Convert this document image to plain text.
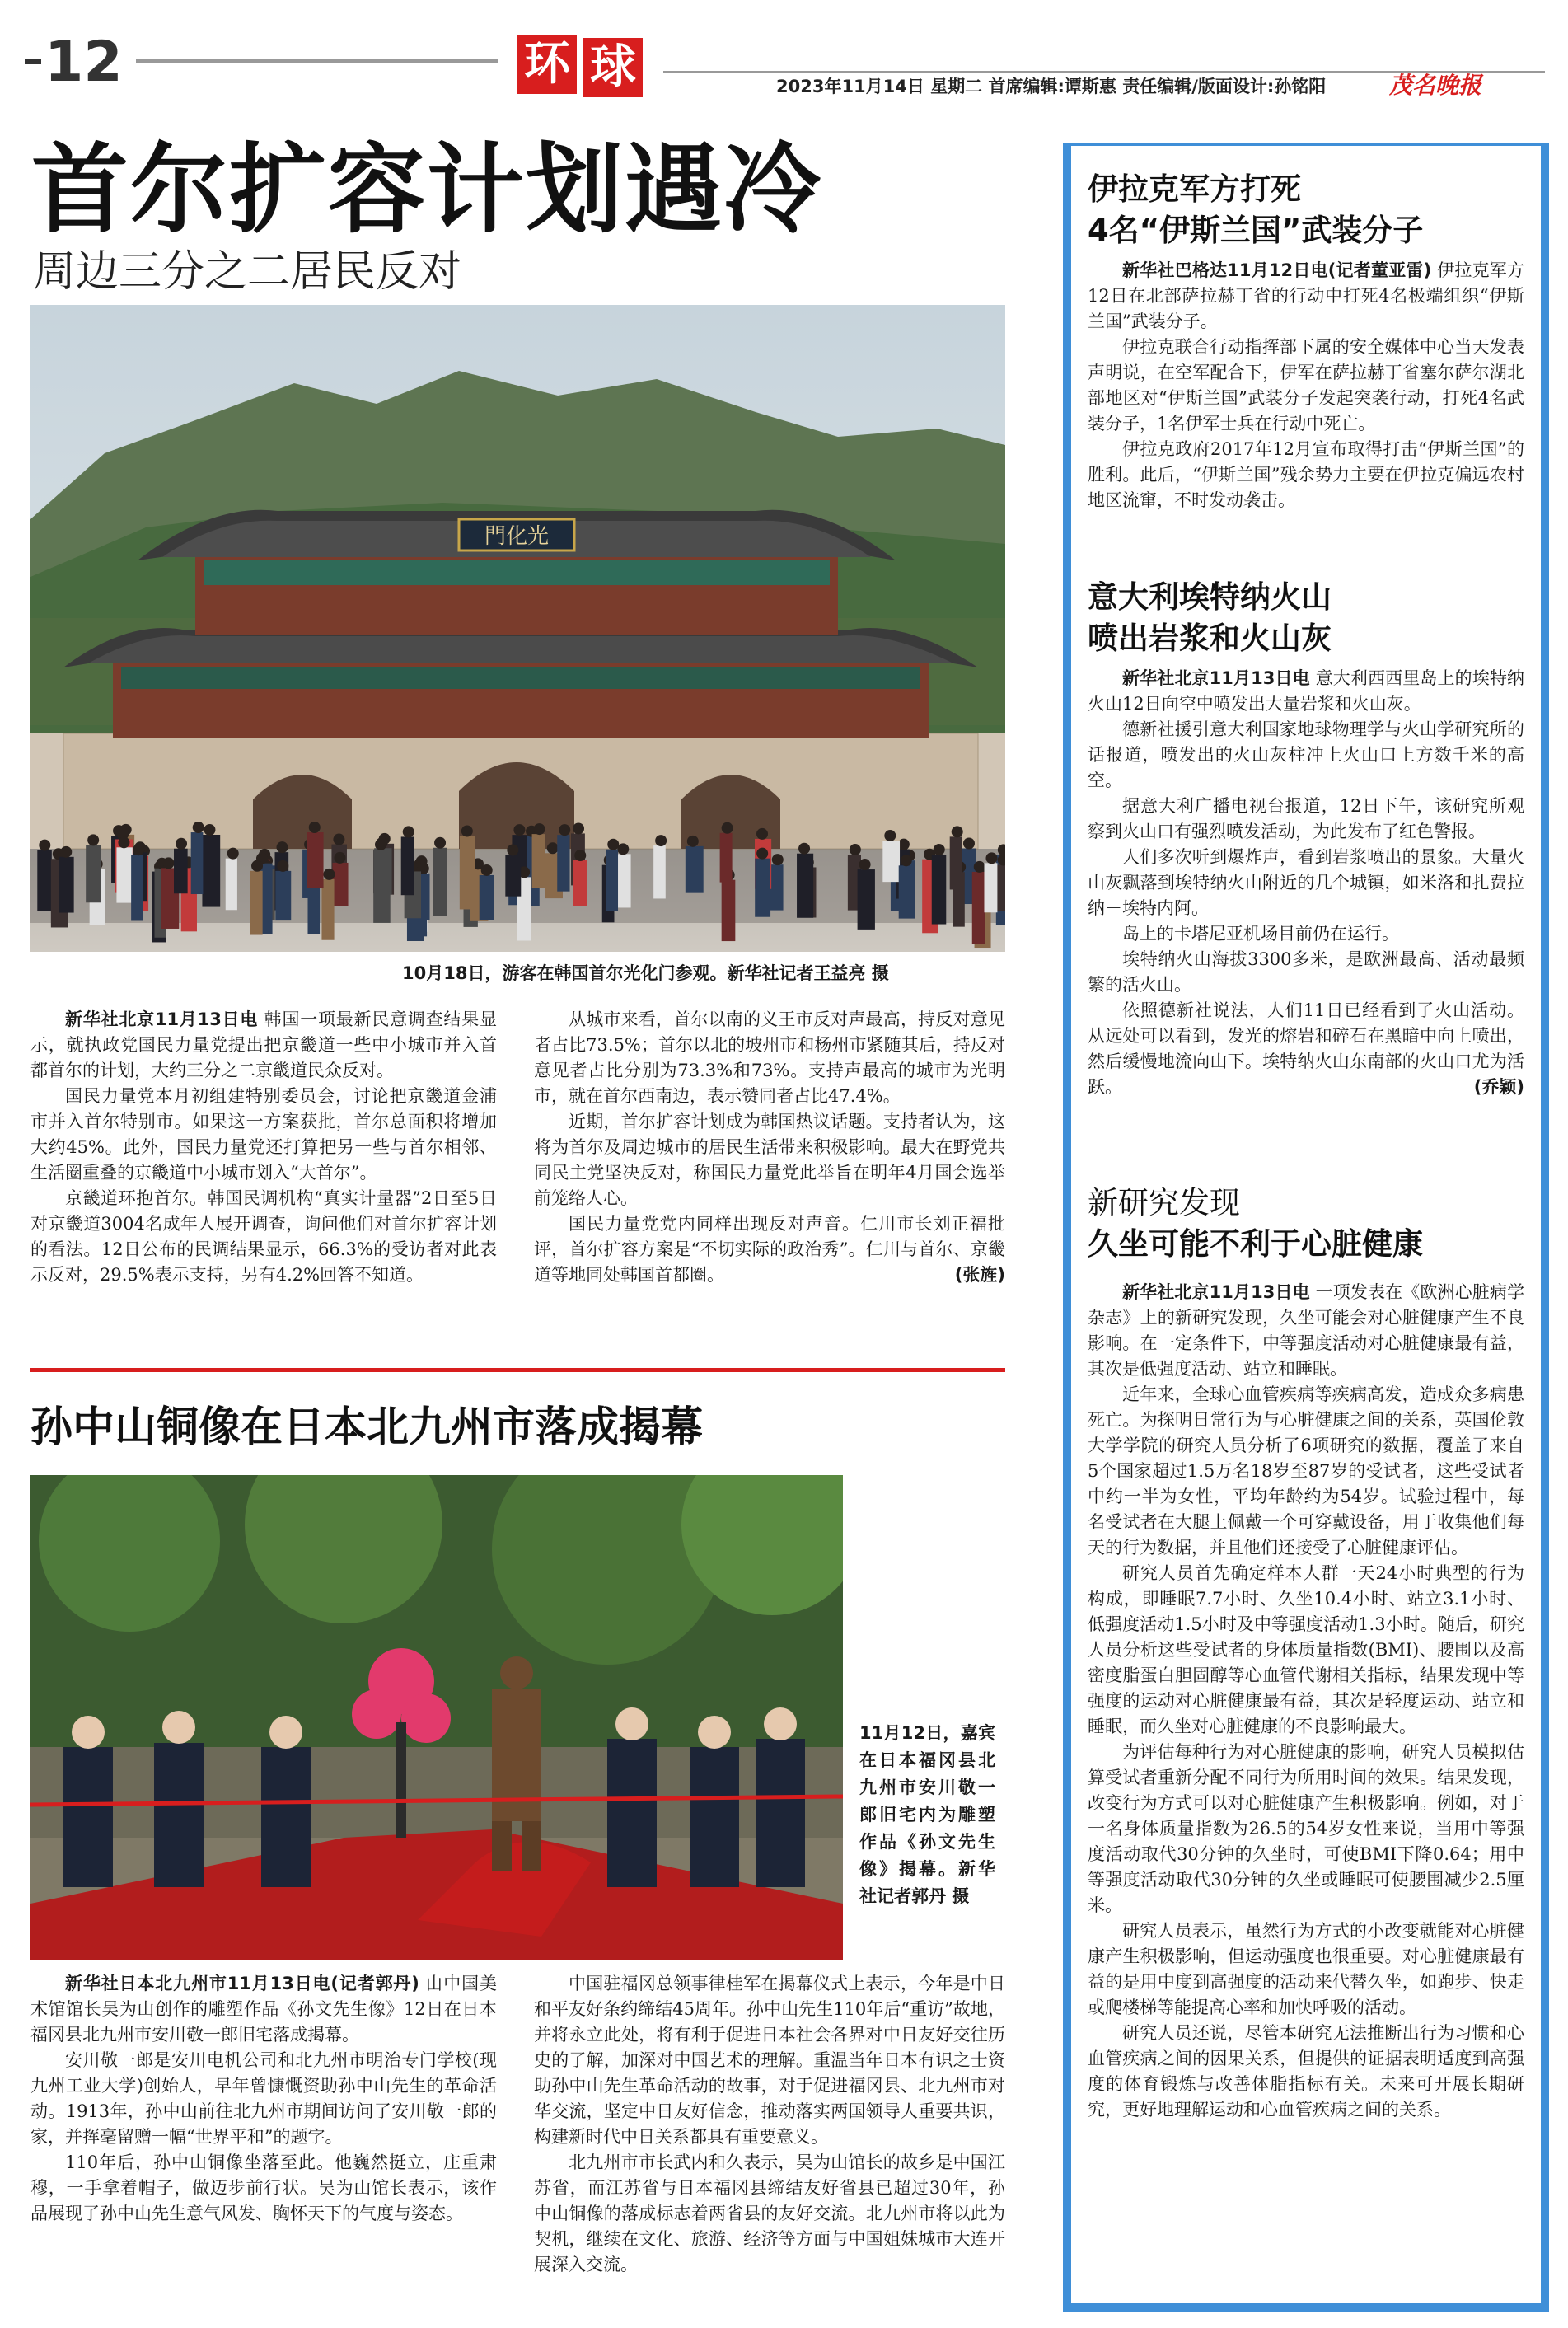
12	环 球	2023年11月14日 星期二 首席编辑:谭斯惠 责任编辑/版面设计:孙铭阳	茂名晚报
首尔扩容计划遇冷
周边三分之二居民反对
門化光
10月18日，游客在韩国首尔光化门参观。新华社记者王益亮 摄

新华社北京11月13日电 韩国一项最新民意调查结果显示，就执政党国民力量党提出把京畿道一些中小城市并入首都首尔的计划，大约三分之二京畿道民众反对。

国民力量党本月初组建特别委员会，讨论把京畿道金浦市并入首尔特别市。如果这一方案获批，首尔总面积将增加大约45%。此外，国民力量党还打算把另一些与首尔相邻、生活圈重叠的京畿道中小城市划入“大首尔”。

京畿道环抱首尔。韩国民调机构“真实计量器”2日至5日对京畿道3004名成年人展开调查，询问他们对首尔扩容计划的看法。12日公布的民调结果显示，66.3%的受访者对此表示反对，29.5%表示支持，另有4.2%回答不知道。

从城市来看，首尔以南的义王市反对声最高，持反对意见者占比73.5%；首尔以北的坡州市和杨州市紧随其后，持反对意见者占比分别为73.3%和73%。支持声最高的城市为光明市，就在首尔西南边，表示赞同者占比47.4%。

近期，首尔扩容计划成为韩国热议话题。支持者认为，这将为首尔及周边城市的居民生活带来积极影响。最大在野党共同民主党坚决反对，称国民力量党此举旨在明年4月国会选举前笼络人心。

国民力量党党内同样出现反对声音。仁川市长刘正福批评，首尔扩容方案是“不切实际的政治秀”。仁川与首尔、京畿道等地同处韩国首都圈。	(张旌)

孙中山铜像在日本北九州市落成揭幕
11月12日，嘉宾在日本福冈县北九州市安川敬一郎旧宅内为雕塑作品《孙文先生像》揭幕。新华社记者郭丹 摄

新华社日本北九州市11月13日电(记者郭丹) 由中国美术馆馆长吴为山创作的雕塑作品《孙文先生像》12日在日本福冈县北九州市安川敬一郎旧宅落成揭幕。

安川敬一郎是安川电机公司和北九州市明治专门学校(现九州工业大学)创始人，早年曾慷慨资助孙中山先生的革命活动。1913年，孙中山前往北九州市期间访问了安川敬一郎的家，并挥毫留赠一幅“世界平和”的题字。

110年后，孙中山铜像坐落至此。他巍然挺立，庄重肃穆，一手拿着帽子，做迈步前行状。吴为山馆长表示，该作品展现了孙中山先生意气风发、胸怀天下的气度与姿态。

中国驻福冈总领事律桂军在揭幕仪式上表示，今年是中日和平友好条约缔结45周年。孙中山先生110年后“重访”故地，并将永立此处，将有利于促进日本社会各界对中日友好交往历史的了解，加深对中国艺术的理解。重温当年日本有识之士资助孙中山先生革命活动的故事，对于促进福冈县、北九州市对华交流，坚定中日友好信念，推动落实两国领导人重要共识，构建新时代中日关系都具有重要意义。

北九州市市长武内和久表示，吴为山馆长的故乡是中国江苏省，而江苏省与日本福冈县缔结友好省县已超过30年，孙中山铜像的落成标志着两省县的友好交流。北九州市将以此为契机，继续在文化、旅游、经济等方面与中国姐妹城市大连开展深入交流。

伊拉克军方打死
4名“伊斯兰国”武装分子

新华社巴格达11月12日电(记者董亚雷) 伊拉克军方12日在北部萨拉赫丁省的行动中打死4名极端组织“伊斯兰国”武装分子。

伊拉克联合行动指挥部下属的安全媒体中心当天发表声明说，在空军配合下，伊军在萨拉赫丁省塞尔萨尔湖北部地区对“伊斯兰国”武装分子发起突袭行动，打死4名武装分子，1名伊军士兵在行动中死亡。

伊拉克政府2017年12月宣布取得打击“伊斯兰国”的胜利。此后，“伊斯兰国”残余势力主要在伊拉克偏远农村地区流窜，不时发动袭击。

意大利埃特纳火山
喷出岩浆和火山灰

新华社北京11月13日电 意大利西西里岛上的埃特纳火山12日向空中喷发出大量岩浆和火山灰。

德新社援引意大利国家地球物理学与火山学研究所的话报道，喷发出的火山灰柱冲上火山口上方数千米的高空。

据意大利广播电视台报道，12日下午，该研究所观察到火山口有强烈喷发活动，为此发布了红色警报。

人们多次听到爆炸声，看到岩浆喷出的景象。大量火山灰飘落到埃特纳火山附近的几个城镇，如米洛和扎费拉纳－埃特内阿。

岛上的卡塔尼亚机场目前仍在运行。

埃特纳火山海拔3300多米，是欧洲最高、活动最频繁的活火山。

依照德新社说法，人们11日已经看到了火山活动。从远处可以看到，发光的熔岩和碎石在黑暗中向上喷出，然后缓慢地流向山下。埃特纳火山东南部的火山口尤为活跃。	(乔颖)

新研究发现
久坐可能不利于心脏健康

新华社北京11月13日电 一项发表在《欧洲心脏病学杂志》上的新研究发现，久坐可能会对心脏健康产生不良影响。在一定条件下，中等强度活动对心脏健康最有益，其次是低强度活动、站立和睡眠。

近年来，全球心血管疾病等疾病高发，造成众多病患死亡。为探明日常行为与心脏健康之间的关系，英国伦敦大学学院的研究人员分析了6项研究的数据，覆盖了来自5个国家超过1.5万名18岁至87岁的受试者，这些受试者中约一半为女性，平均年龄约为54岁。试验过程中，每名受试者在大腿上佩戴一个可穿戴设备，用于收集他们每天的行为数据，并且他们还接受了心脏健康评估。

研究人员首先确定样本人群一天24小时典型的行为构成，即睡眠7.7小时、久坐10.4小时、站立3.1小时、低强度活动1.5小时及中等强度活动1.3小时。随后，研究人员分析这些受试者的身体质量指数(BMI)、腰围以及高密度脂蛋白胆固醇等心血管代谢相关指标，结果发现中等强度的运动对心脏健康最有益，其次是轻度运动、站立和睡眠，而久坐对心脏健康的不良影响最大。

为评估每种行为对心脏健康的影响，研究人员模拟估算受试者重新分配不同行为所用时间的效果。结果发现，改变行为方式可以对心脏健康产生积极影响。例如，对于一名身体质量指数为26.5的54岁女性来说，当用中等强度活动取代30分钟的久坐时，可使BMI下降0.64；用中等强度活动取代30分钟的久坐或睡眠可使腰围减少2.5厘米。

研究人员表示，虽然行为方式的小改变就能对心脏健康产生积极影响，但运动强度也很重要。对心脏健康最有益的是用中度到高强度的活动来代替久坐，如跑步、快走或爬楼梯等能提高心率和加快呼吸的活动。

研究人员还说，尽管本研究无法推断出行为习惯和心血管疾病之间的因果关系，但提供的证据表明适度到高强度的体育锻炼与改善体脂指标有关。未来可开展长期研究，更好地理解运动和心血管疾病之间的关系。
